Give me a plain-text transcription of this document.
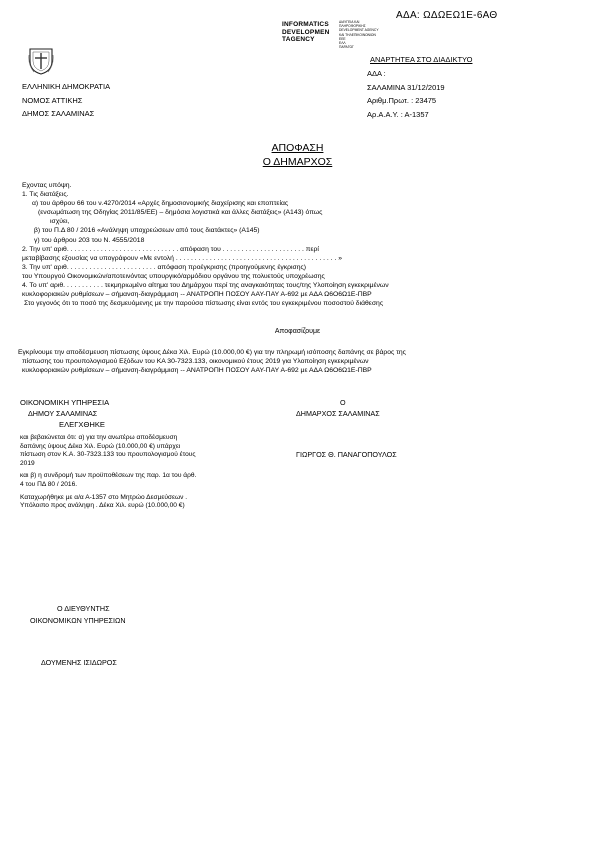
ΑΔΑ: ΩΔΩΕΩ1Ε-6ΑΘ
INFORMATICS
DEVELOPMEN
TAGENCY
ΔΙΑΥΓΕΙΑ ΚΑΙ
ΠΛΗΡΟΦΟΡΙΚΗΣ
DEVELOPMENT AGENCY
ΚΑΙ ΤΗΛΕΠΙΚΟΙΝΩΝΙΩΝ
ΕΕΕ
ΕΛΛ
ΠΑΡΑΓΩΓ
ΑΝΑΡΤΗΤΕΑ ΣΤΟ ΔΙΑΔΙΚΤΥΟ
ΕΛΛΗΝΙΚΗ ΔΗΜΟΚΡΑΤΙΑ
ΝΟΜΟΣ ΑΤΤΙΚΗΣ
ΔΗΜΟΣ ΣΑΛΑΜΙΝΑΣ
ΑΔΑ :
ΣΑΛΑΜΙΝΑ 31/12/2019
Αριθμ.Πρωτ. : 23475
Αρ.Α.Α.Υ. : Α-1357
ΑΠΟΦΑΣΗ
Ο ΔΗΜΑΡΧΟΣ
Εχοντας υπόψη.
1. Τις διατάξεις.
α) του άρθρου 66 του ν.4270/2014 «Αρχές δημοσιονομικής διαχείρισης και εποπτείας
(ενσωμάτωση της Οδηγίας 2011/85/ΕΕ) – δημόσια λογιστικά και άλλες διατάξεις» (Α143) όπως
ισχύει,
β) του Π.Δ 80 / 2016 «Ανάληψη υποχρεώσεων από τους διατάκτες» (Α145)
γ) του άρθρου 203 του Ν. 4555/2018
2. Την υπ' αριθ. . . . . . . . . . . . . . . . . . . . . . . . . . . . . . απόφαση του . . . . . . . . . . . . . . . . . . . . . . περί
μεταβίβασης εξουσίας να υπογράφουν «Με εντολή . . . . . . . . . . . . . . . . . . . . . . . . . . . . . . . . . . . . . . . . . . . »
3. Την υπ' αριθ. . . . . . . . . . . . . . . . . . . . . . . . απόφαση προέγκρισης (προηγούμενης έγκρισης)
του Υπουργού Οικονομικών/αποτεινόντας υπουργικό/αρμόδιου οργάνου της πολυετούς υποχρέωσης
4. Το υπ' αριθ. . . . . . . . . . . τεκμηριωμένο αίτημα του Δημάρχου περί της αναγκαιότητας τους/της Υλοποίηση εγκεκριμένων
κυκλοφοριακών ρυθμίσεων – σήμανση-διαγράμμιση -- ΑΝΑΤΡΟΠΗ ΠΟΣΟΥ ΑΑΥ-ΠΑΥ Α-692 με ΑΔΑ Ω6Ο6Ω1Ε-ΠΒΡ
Στο γεγονός ότι το ποσό της δεσμευόμενης με την παρούσα πίστωσης είναι εντός του εγκεκριμένου ποσοστού διάθεσης
Αποφασίζουμε
Εγκρίνουμε την αποδέσμευση πίστωσης ύψους Δέκα Χιλ. Ευρώ (10.000,00 €) για την πληρωμή ισόποσης δαπάνης σε βάρος της
πίστωσης του προυπολογισμού Εξόδων του ΚΑ 30-7323.133, οικονομικού έτους 2019 για Υλοποίηση εγκεκριμένων
κυκλοφοριακών ρυθμίσεων – σήμανση-διαγράμμιση -- ΑΝΑΤΡΟΠΗ ΠΟΣΟΥ ΑΑΥ-ΠΑΥ Α-692 με ΑΔΑ Ω6Ο6Ω1Ε-ΠΒΡ
ΟΙΚΟΝΟΜΙΚΗ ΥΠΗΡΕΣΙΑ
ΔΗΜΟΥ ΣΑΛΑΜΙΝΑΣ
ΕΛΕΓΧΘΗΚΕ
και βεβαιώνεται ότι: α) για την ανωτέρω αποδέσμευση
δαπάνης ύψους Δέκα Χιλ. Ευρώ (10.000,00 €) υπάρχει
πίστωση στον Κ.Α. 30-7323.133 του προυπολογισμού έτους
2019
και β) η συνδρομή των προϋποθέσεων της παρ. 1α του άρθ.
4 του ΠΔ 80 / 2016.
Καταχωρήθηκε με α/α Α-1357 στο Μητρώο Δεσμεύσεων .
Υπόλοιπο προς ανάληψη . Δέκα Χιλ. ευρώ (10.000,00 €)
Ο
ΔΗΜΑΡΧΟΣ ΣΑΛΑΜΙΝΑΣ
ΓΙΩΡΓΟΣ Θ. ΠΑΝΑΓΟΠΟΥΛΟΣ
Ο ΔΙΕΥΘΥΝΤΗΣ
ΟΙΚΟΝΟΜΙΚΩΝ ΥΠΗΡΕΣΙΩΝ
ΔΟΥΜΕΝΗΣ ΙΣΙΔΩΡΟΣ
